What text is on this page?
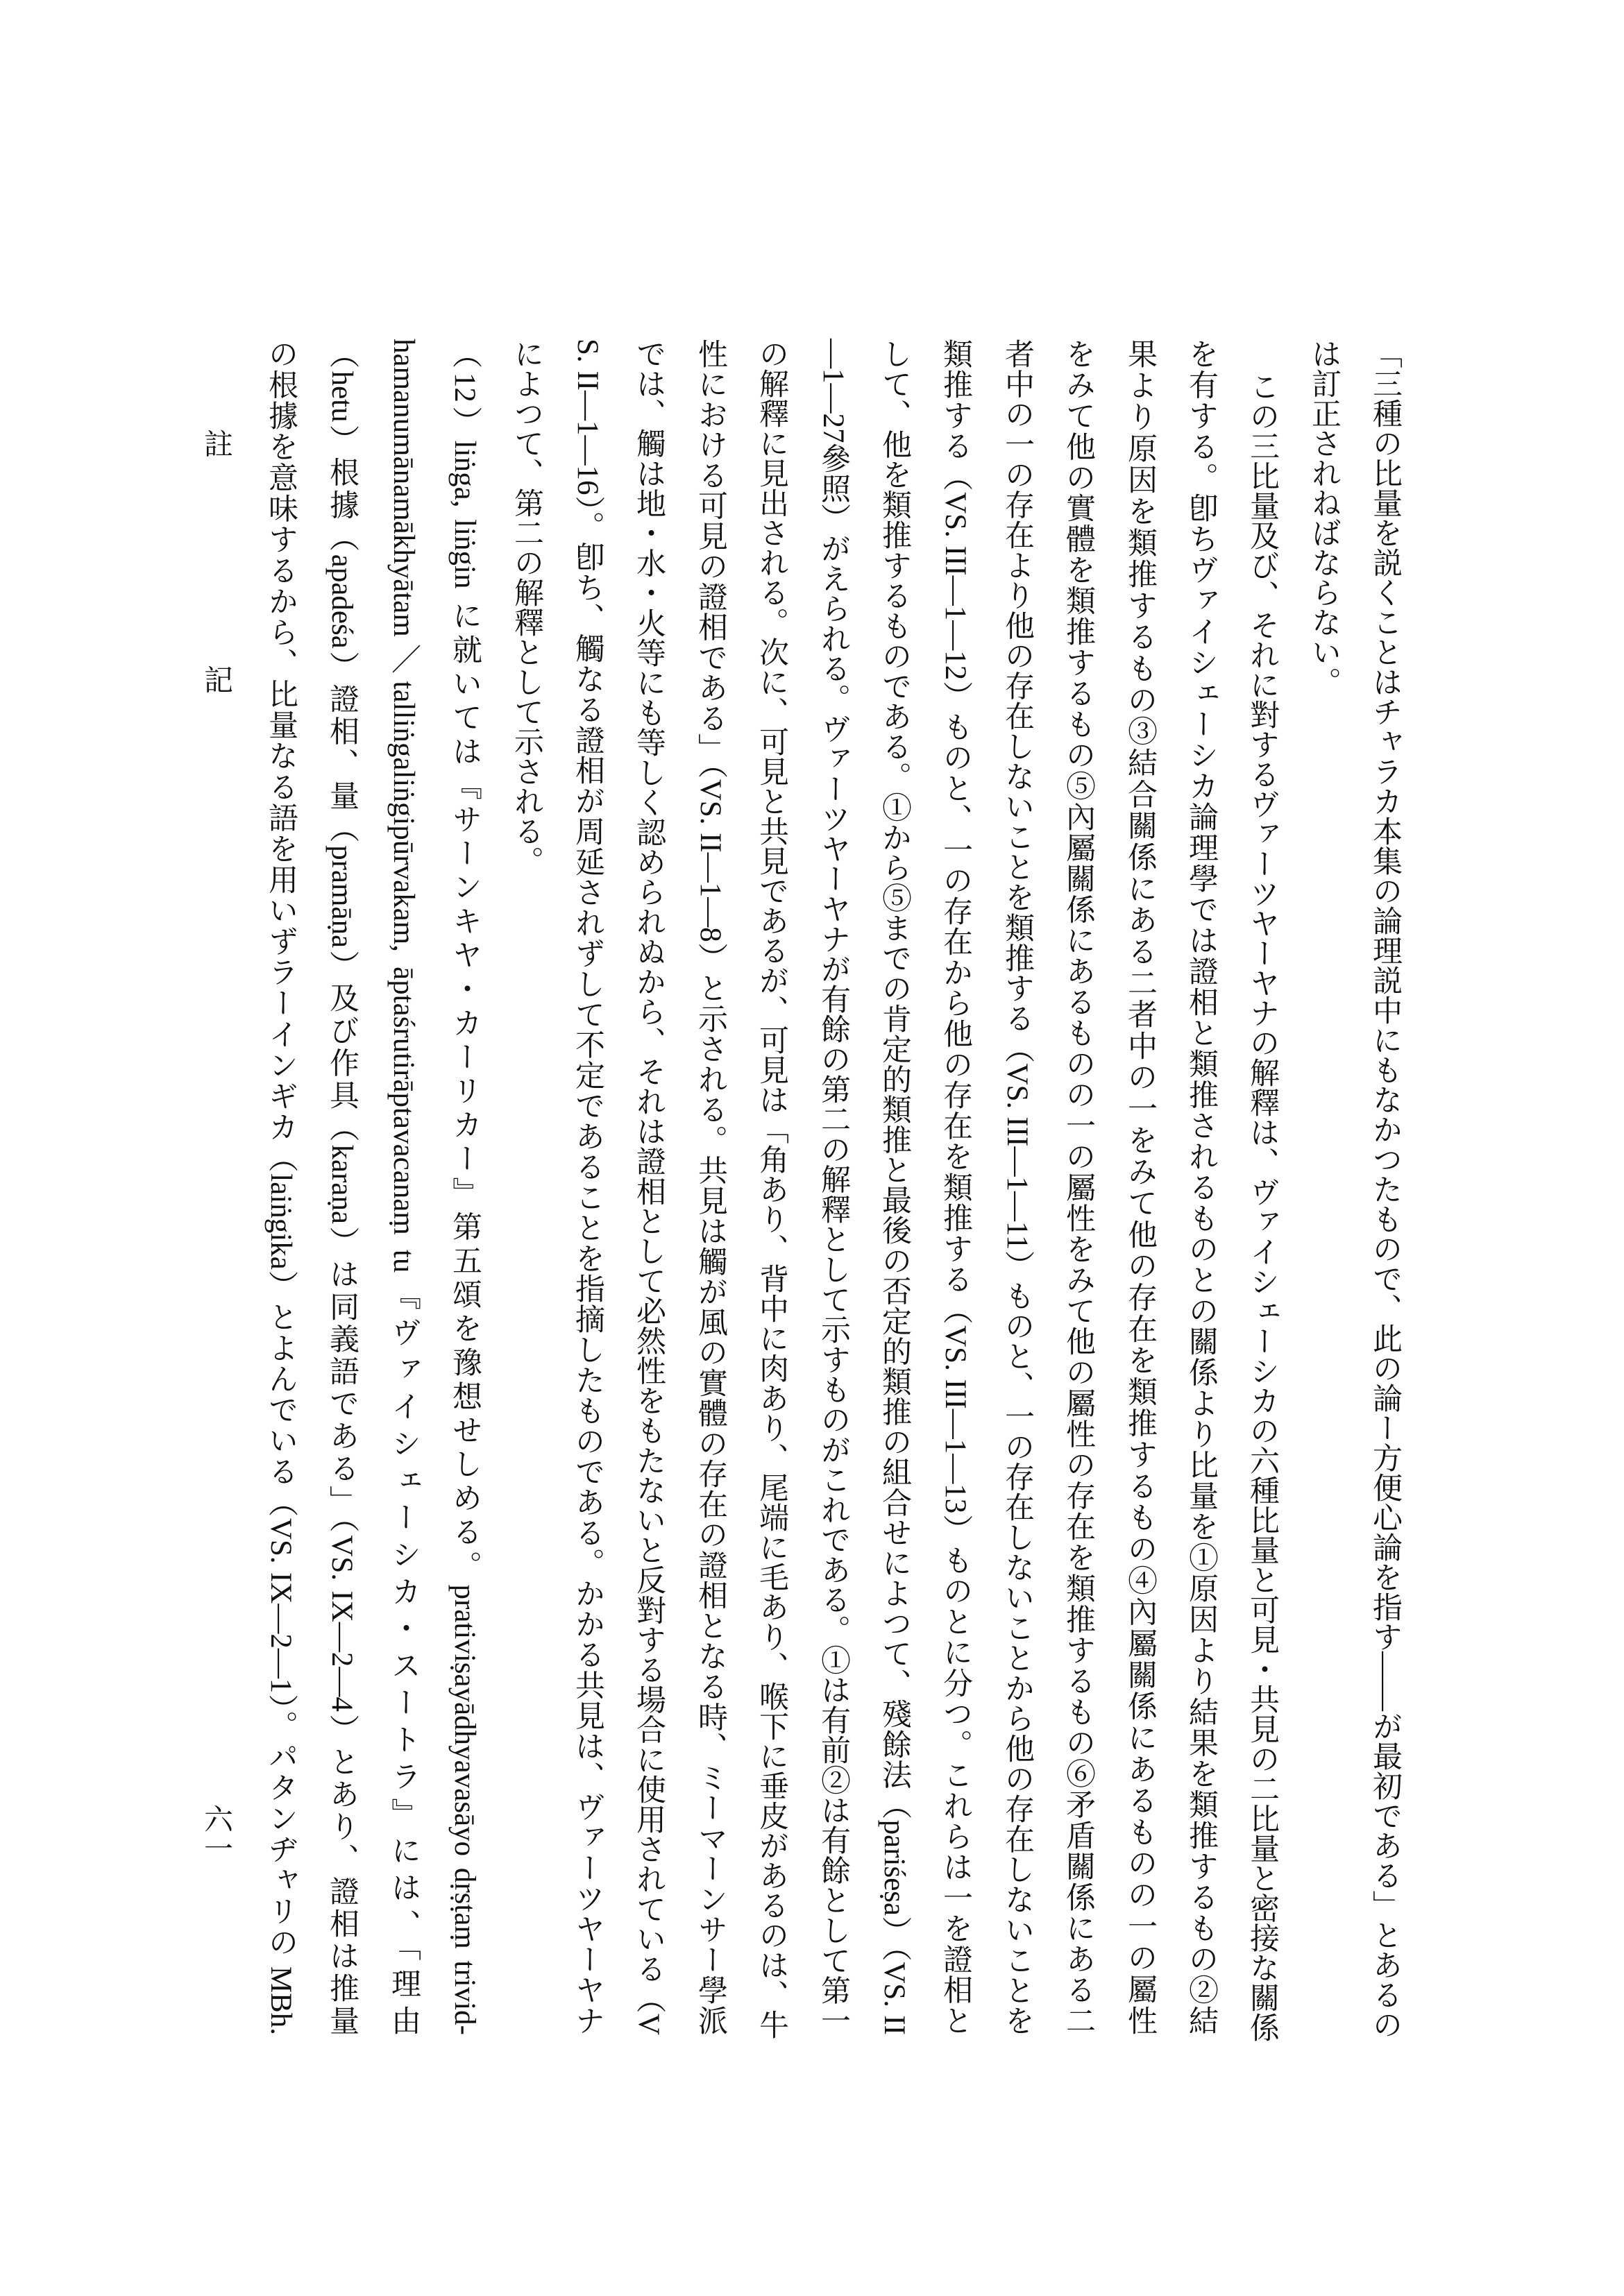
「三種の比量を説くことはチャラカ本集の論理説中にもなかつたもので、此の論ー方便心論を指す——が最初である」とあるの
は訂正されねばならない。
この三比量及び、それに對するヴァーツヤーヤナの解釋は、ヴァイシェーシカの六種比量と可見・共見の二比量と密接な關係
を有する。卽ちヴァイシェーシカ論理學では證相と類推されるものとの關係より比量を①原因より結果を類推するもの②結
果より原因を類推するもの③結合關係にある二者中の一をみて他の存在を類推するもの④內屬關係にあるものの一の屬性
をみて他の實體を類推するもの⑤內屬關係にあるものの一の屬性をみて他の屬性の存在を類推するもの⑥矛盾關係にある二
者中の一の存在より他の存在しないことを類推する（VS. III—1—11）ものと、一の存在しないことから他の存在しないことを
類推する（VS. III—1—12）ものと、一の存在から他の存在を類推する（VS. III—1—13）ものとに分つ。これらは一を證相と
して、他を類推するものである。①から⑤までの肯定的類推と最後の否定的類推の組合せによつて、殘餘法（pariśeṣa）（VS. II
—1—27參照）がえられる。ヴァーツヤーヤナが有餘の第二の解釋として示すものがこれである。①は有前②は有餘として第一
の解釋に見出される。次に、可見と共見であるが、可見は「角あり、背中に肉あり、尾端に毛あり、喉下に垂皮があるのは、牛
性における可見の證相である」（VS. II—1—8）と示される。共見は觸が風の實體の存在の證相となる時、ミーマーンサー學派
では、觸は地・水・火等にも等しく認められぬから、それは證相として必然性をもたないと反對する場合に使用されている（V
S. II—1—16）。卽ち、觸なる證相が周延されずして不定であることを指摘したものである。かかる共見は、ヴァーツヤーヤナ
によつて、第二の解釋として示される。
（12）liṅga, liṅgin に就いては『サーンキヤ・カーリカー』第五頌を豫想せしめる。prativiṣayādhyavasāyo dṛṣṭaṃ trivid-
hamanumānamākhyātam／talliṅgaliṅgipūrvakam, āptaśrutirāptavacanaṃ tu『ヴァイシェーシカ・スートラ』には、「理由
（hetu）根據（apadeśa）證相、量（pramāṇa）及び作具（karaṇa）は同義語である」（VS. IX—2—4）とあり、證相は推量
の根據を意味するから、比量なる語を用いずラーインギカ（laiṅgika）とよんでいる（VS. IX—2—1）。パタンヂャリの MBh.
註
記
六一
